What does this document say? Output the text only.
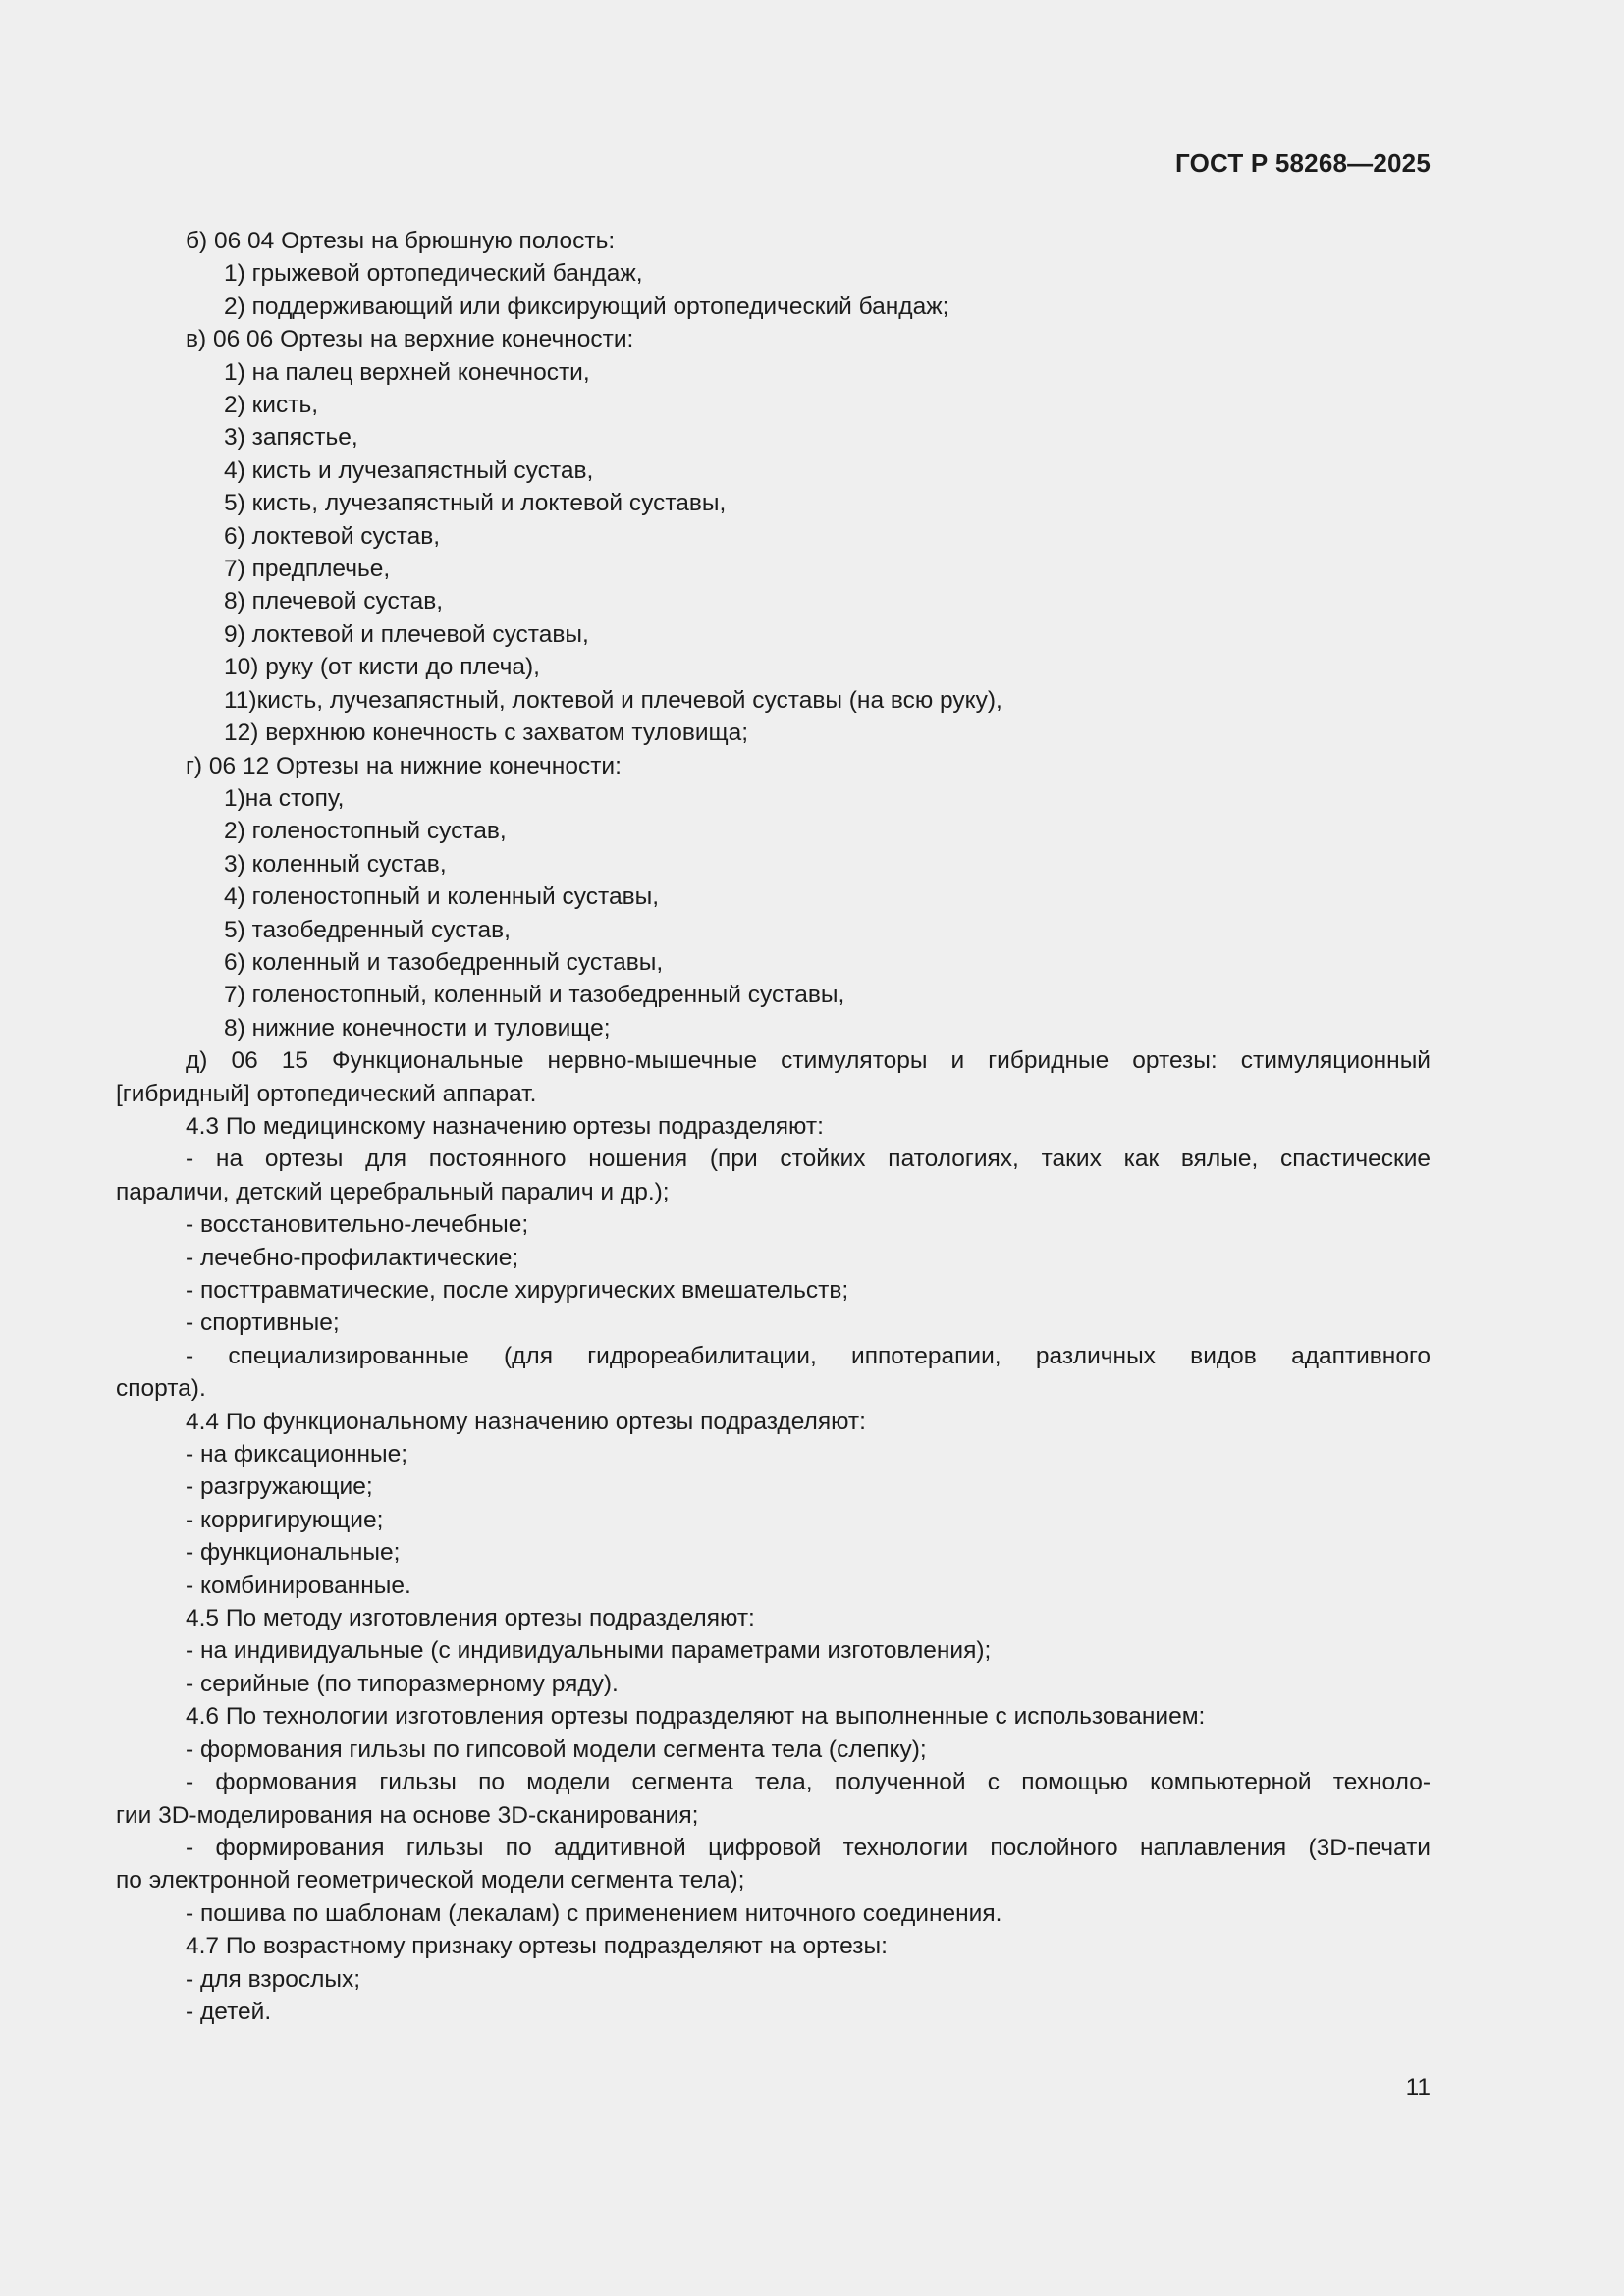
ГОСТ Р 58268—2025
б) 06 04 Ортезы на брюшную полость:
1) грыжевой ортопедический бандаж,
2) поддерживающий или фиксирующий ортопедический бандаж;
в) 06 06 Ортезы на верхние конечности:
1) на палец верхней конечности,
2) кисть,
3) запястье,
4) кисть и лучезапястный сустав,
5) кисть, лучезапястный и локтевой суставы,
6) локтевой сустав,
7) предплечье,
8) плечевой сустав,
9) локтевой и плечевой суставы,
10) руку (от кисти до плеча),
11)кисть, лучезапястный, локтевой и плечевой суставы (на всю руку),
12) верхнюю конечность с захватом туловища;
г) 06 12 Ортезы на нижние конечности:
1)на стопу,
2) голеностопный сустав,
3) коленный сустав,
4) голеностопный и коленный суставы,
5) тазобедренный сустав,
6) коленный и тазобедренный суставы,
7) голеностопный, коленный и тазобедренный суставы,
8) нижние конечности и туловище;
д) 06 15 Функциональные нервно-мышечные стимуляторы и гибридные ортезы: стимуляционный
[гибридный] ортопедический аппарат.
4.3 По медицинскому назначению ортезы подразделяют:
- на ортезы для постоянного ношения (при стойких патологиях, таких как вялые, спастические
параличи, детский церебральный паралич и др.);
- восстановительно-лечебные;
- лечебно-профилактические;
- посттравматические, после хирургических вмешательств;
- спортивные;
- специализированные (для гидрореабилитации, иппотерапии, различных видов адаптивного
спорта).
4.4 По функциональному назначению ортезы подразделяют:
- на фиксационные;
- разгружающие;
- корригирующие;
- функциональные;
- комбинированные.
4.5 По методу изготовления ортезы подразделяют:
- на индивидуальные (с индивидуальными параметрами изготовления);
- серийные (по типоразмерному ряду).
4.6 По технологии изготовления ортезы подразделяют на выполненные с использованием:
- формования гильзы по гипсовой модели сегмента тела (слепку);
- формования гильзы по модели сегмента тела, полученной с помощью компьютерной техноло-
гии 3D-моделирования на основе 3D-сканирования;
- формирования гильзы по аддитивной цифровой технологии послойного наплавления (3D-печати
по электронной геометрической модели сегмента тела);
- пошива по шаблонам (лекалам) с применением ниточного соединения.
4.7 По возрастному признаку ортезы подразделяют на ортезы:
- для взрослых;
- детей.
11
